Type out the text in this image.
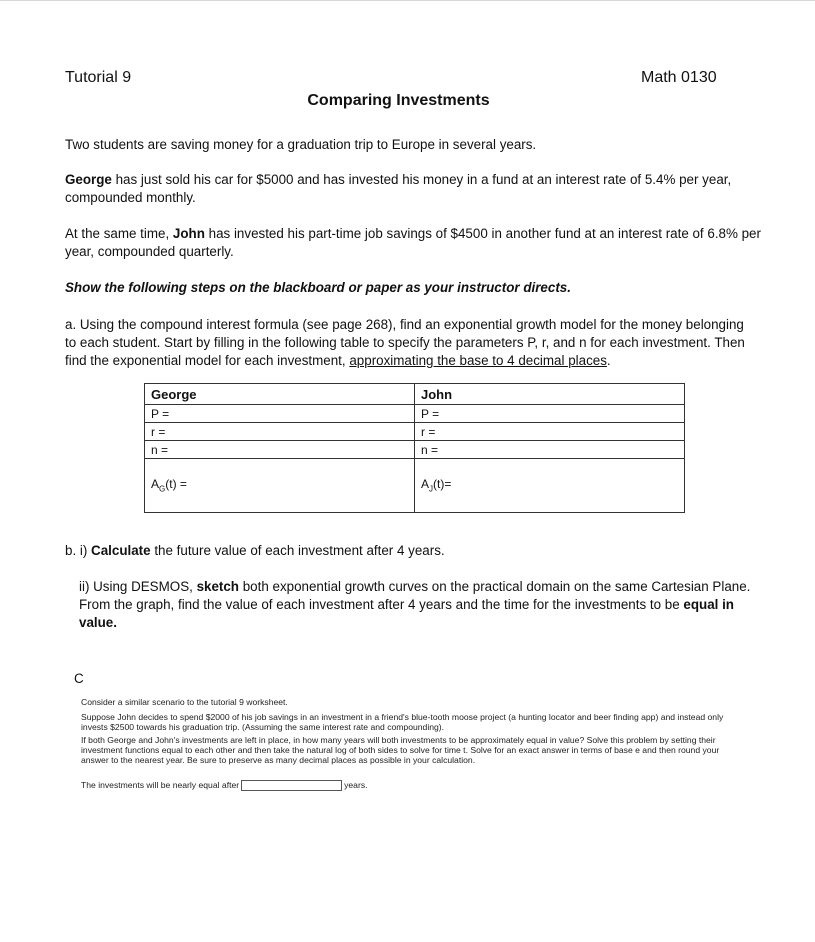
Tutorial 9	Math 0130
Comparing Investments
Two students are saving money for a graduation trip to Europe in several years.
George has just sold his car for $5000 and has invested his money in a fund at an interest rate of 5.4% per year,
compounded monthly.
At the same time, John has invested his part-time job savings of $4500 in another fund at an interest rate of 6.8% per
year, compounded quarterly.
Show the following steps on the blackboard or paper as your instructor directs.
a. Using the compound interest formula (see page 268), find an exponential growth model for the money belonging
to each student. Start by filling in the following table to specify the parameters P, r, and n for each investment. Then
find the exponential model for each investment, approximating the base to 4 decimal places.
George	John
P =	P =
r =	r =
n =	n =
$A_G(t)$ =	$A_J(t)=$
b. i) Calculate the future value of each investment after 4 years.
ii) Using DESMOS, sketch both exponential growth curves on the practical domain on the same Cartesian Plane.
From the graph, find the value of each investment after 4 years and the time for the investments to be equal in
value.
C
Consider a similar scenario to the tutorial 9 worksheet.
Suppose John decides to spend $2000 of his job savings in an investment in a friend's blue-tooth moose project (a hunting locator and beer finding app) and instead only
invests $2500 towards his graduation trip. (Assuming the same interest rate and compounding).
If both George and John's investments are left in place, in how many years will both investments to be approximately equal in value? Solve this problem by setting their
investment functions equal to each other and then take the natural log of both sides to solve for time t. Solve for an exact answer in terms of base e and then round your
answer to the nearest year. Be sure to preserve as many decimal places as possible in your calculation.
The investments will be nearly equal after	years.
